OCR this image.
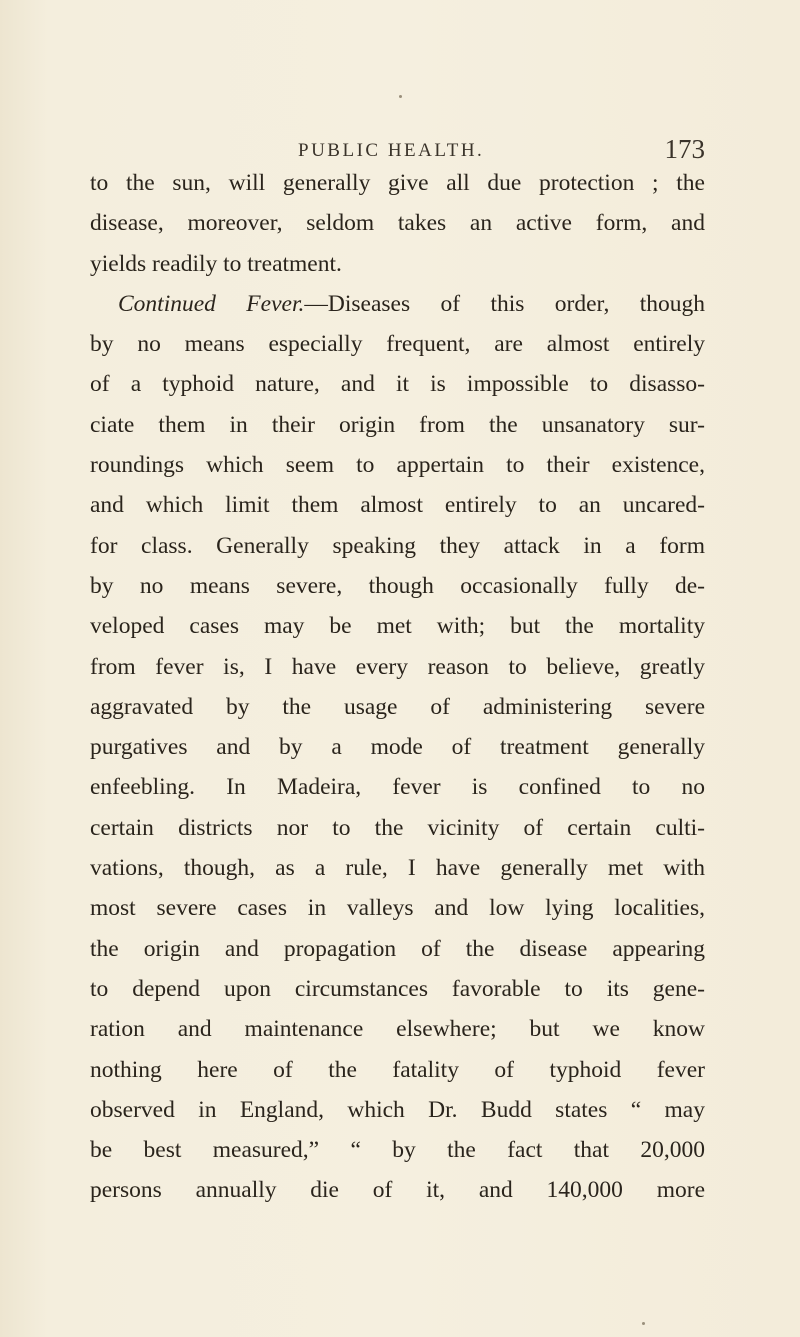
PUBLIC HEALTH.	173
to the sun, will generally give all due protection ; the
disease, moreover, seldom takes an active form, and
yields readily to treatment.
Continued Fever.—Diseases of this order, though
by no means especially frequent, are almost entirely
of a typhoid nature, and it is impossible to disasso-
ciate them in their origin from the unsanatory sur-
roundings which seem to appertain to their existence,
and which limit them almost entirely to an uncared-
for class. Generally speaking they attack in a form
by no means severe, though occasionally fully de-
veloped cases may be met with; but the mortality
from fever is, I have every reason to believe, greatly
aggravated by the usage of administering severe
purgatives and by a mode of treatment generally
enfeebling. In Madeira, fever is confined to no
certain districts nor to the vicinity of certain culti-
vations, though, as a rule, I have generally met with
most severe cases in valleys and low lying localities,
the origin and propagation of the disease appearing
to depend upon circumstances favorable to its gene-
ration and maintenance elsewhere; but we know
nothing here of the fatality of typhoid fever
observed in England, which Dr. Budd states “ may
be best measured,” “ by the fact that 20,000
persons annually die of it, and 140,000 more
